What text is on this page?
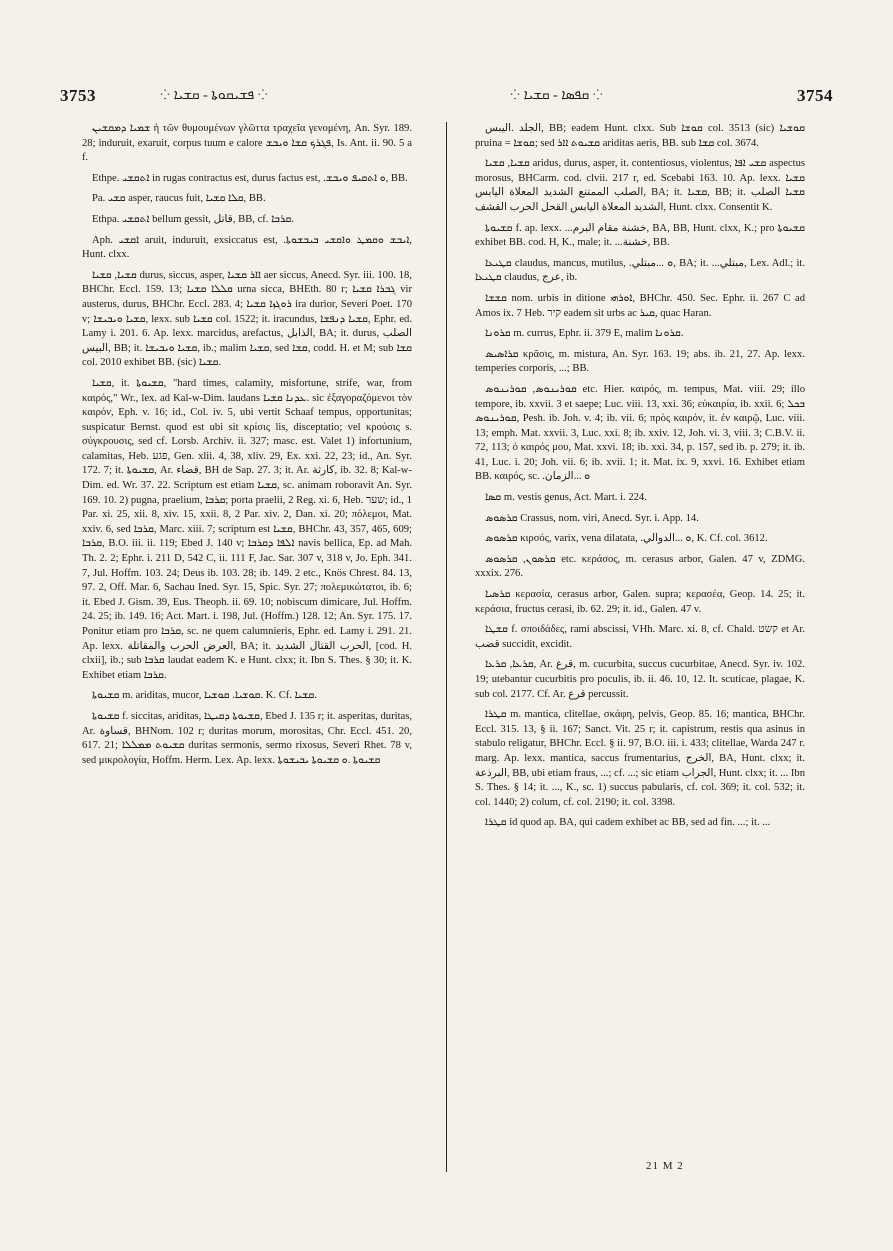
3753	⁘ ܦܫܝܩܘܬܐ - ܩܫܝܐ ⁘	⁘ ܩܦܣܐ - ܩܫܝܐ ⁘	3754

ܫܡܝܐ ܕܡܩܫܝܢ ἡ τῶν θυμουμένων γλῶττα τραχεῖα γενομένη, An. Syr. 189. 28; induruit, exaruit, corpus tuum e calore ܦܓܪܟ ܩܫܐ ܘܝܒܫ, Is. Ant. ii. 90. 5 a f.

Ethpe. ܐܬܩܫܝ in rugas contractus est, durus factus est, .ܘ ܐܬܩܝܦ ܘܝܒܫ, BB.

Pa. ܩܫܝ asper, raucus fuit, ܩܠܐ ܩܫܝܐ, BB.

Ethpa. ܐܬܩܫܝ bellum gessit, قاتل, BB, cf. ܩܪܒܐ.

Aph. ܐܩܫܝ aruit, induruit, exsiccatus est, .ܐܝܒܫ ܘܩܡܛ ܘܐܩܫܝ ܒܝܒܫܘܬܐ, Hunt. clxx.

ܩܫܝܐ, ܩܫܝܐ durus, siccus, asper, ܐܐܪ ܩܫܝܐ aer siccus, Anecd. Syr. iii. 100. 18, BHChr. Eccl. 159. 13; ܩܠܠܐ ܩܫܝܐ urna sicca, BHEth. 80 r; ܓܒܪܐ ܩܫܝܐ vir austerus, durus, BHChr. Eccl. 283. 4; ܪܘܓܙܐ ܩܫܝܐ ira durior, Severi Poet. 170 v; ܩܫܝܐ ܘܝܒܝܫܐ, lexx. sub ܩܫܝܐ col. 1522; it. iracundus, ܩܫܝܐ ܕܢܦܫܐ, Ephr. ed. Lamy i. 201. 6. Ap. lexx. marcidus, arefactus, الذابل, BA; it. durus, الصلب البيس, BB; it. ܩܫܝܐ ܘܝܒܝܫܐ, ib.; malim ܩܫܝܐ, sed ܩܫܐ, codd. H. et M; sub ܩܫܐ col. 2010 exhibet BB. (sic) ܩܫܝܐ.

ܩܫܝܐ, it. ܩܫܝܘܬܐ, "hard times, calamity, misfortune, strife, war, from καιρός," Wr., lex. ad Kal-w-Dim. laudans ܥܕܢܐ ܩܫܝܐ. sic ἐξαγοραζόμενοι τὸν καιρόν, Eph. v. 16; id., Col. iv. 5, ubi vertit Schaaf tempus, opportunitas; suspicatur Bernst. quod est ubi sit κρίσις lis, disceptatio; vel κρούσις s. σύγκρουσις, sed cf. Lorsb. Archiv. ii. 327; masc. est. Valet 1) infortunium, calamitas, Heb. פגע, Gen. xlii. 4, 38, xliv. 29, Ex. xxi. 22, 23; id., An. Syr. 172. 7; it. ܩܫܝܘܬܐ, Ar. قضاء, BH de Sap. 27. 3; it. Ar. كارثة, ib. 32. 8; Kal-w-Dim. ed. Wr. 37. 22. Scriptum est etiam ܩܫܝܐ, sc. animam roboravit An. Syr. 169. 10. 2) pugna, praelium, ܩܪܒܐ; porta praelii, 2 Reg. xi. 6, Heb. שער; id., 1 Par. xi. 25, xii. 8, xiv. 15, xxii. 8, 2 Par. xiv. 2, Dan. xi. 20; πόλεμοι, Mat. xxiv. 6, sed ܩܪܒܐ, Marc. xiii. 7; scriptum est ܩܫܝܐ, BHChr. 43, 357, 465, 609; ܩܪܒܐ, B.O. iii. ii. 119; Ebed J. 140 v; ܐܠܦܐ ܕܩܪܒܐ navis bellica, Ep. ad Mah. Th. 2. 2; Ephr. i. 211 D, 542 C, ii. 111 F, Jac. Sar. 307 v, 318 v, Jo. Eph. 341. 7, Jul. Hoffm. 103. 24; Deus ib. 103. 28; ib. 149. 2 etc., Knös Chrest. 84. 13, 97. 2, Off. Mar. 6, Sachau Ined. Syr. 15, Spic. Syr. 27; πολεμικώτατοι, ib. 6; it. Ebed J. Gism. 39, Eus. Theoph. ii. 69. 10; nobiscum dimicare, Jul. Hoffm. 24. 25; ib. 149. 16; Act. Mart. i. 198, Jul. (Hoffm.) 128. 12; An. Syr. 175. 17. Ponitur etiam pro ܩܪܒܐ, sc. ne quem calumnieris, Ephr. ed. Lamy i. 291. 21. Ap. lexx. العرض الحرب والمقاتلة, BA; it. الحرب القتال الشديد, [cod. H. clxii], ib.; sub ܩܪܒܐ laudat eadem K. e Hunt. clxx; it. Ibn S. Thes. § 30; it. K. Exhibet etiam ܩܪܒܐ.

ܩܫܝܘܬܐ m. ariditas, mucor, ܩܘܫܝܐ. ܩܘܫܝܐ. K. Cf. ܩܫܝܐ.

ܩܫܝܘܬܐ f. siccitas, ariditas, ܩܫܝܘܬܐ ܕܩܝܛܐ, Ebed J. 135 r; it. asperitas, duritas, Ar. قساوة, BHNom. 102 r; duritas morum, morositas, Chr. Eccl. 451. 20, 617. 21; ܩܫܝܘܬ ܡܡܠܠܐ duritas sermonis, sermo rixosus, Severi Rhet. 78 v, sed μικρολογία, Hoffm. Herm. Lex. Ap. lexx. ܩܫܝܘܬܐ .ܘ ܩܫܝܘܬܐ ܝܒܝܫܘܬܐ

الجلد .اليبس, BB; eadem Hunt. clxx. Sub ܩܘܫܐ col. 3513 (sic) ܩܘܫܝܐ pruina = ܩܘܫܐ; sed ܩܫܝܘܬ ܐܐܪ ariditas aeris, BB. sub ܩܫܐ col. 3674.

ܩܫܝܐ, ܩܫܝܐ aridus, durus, asper, it. contentiosus, violentus, ܩܫܝ ܐܦܐ aspectus morosus, BHCarm. cod. clvii. 217 r, ed. Scebabi 163. 10. Ap. lexx. ܩܫܝܐ الصلب الممتنع الشديد المعلاة اليابس, BA; it. ܩܫܝܐ, BB; it. ܩܫܝܐ الصلب الشديد المعلاة اليابس القحل الحرب القشف, Hunt. clxx. Consentit K.

ܩܫܝܘܬܐ f. ap. lexx. ...خشنة مقام البرم, BA, BB, Hunt. clxx, K.; pro ܩܫܝܘܬܐ exhibet BB. cod. H, K., male; it. ...خشنة, BB.

ܩܛܝܥܐ claudus, mancus, mutilus, .ܘ ...مبتلي, BA; it. ...مبتلي, Lex. Adl.; it. ܩܛܝܥܐ claudus, عرج, ib.

ܩܫܫܐ nom. urbis in ditione ܐܘܪܗܝ, BHChr. 450. Sec. Ephr. ii. 267 C ad Amos ix. 7 Heb. קיר eadem sit urbs ac ܩܝܪ, quac Haran.

ܩܪܘܢܐ m. currus, Ephr. ii. 379 E, malim ܩܪܘܢܐ.

ܩܪܐܣܝܣ κρᾶσις, m. mistura, An. Syr. 163. 19; abs. ib. 21, 27. Ap. lexx. temperies corporis, ...; BB.

ܩܘܪܝܢܘܣ, ܩܘܪܝܢܘܣ etc. Hier. καιρός, m. tempus, Mat. viii. 29; illo tempore, ib. xxvii. 3 et saepe; Luc. viii. 13, xxi. 36; εὐκαιρία, ib. xxii. 6; ܒܟܠ ܩܘܪܝܢܘܣ, Pesh. ib. Joh. v. 4; ib. vii. 6; πρὸς καιρόν, it. ἐν καιρῷ, Luc. viii. 13; emph. Mat. xxvii. 3, Luc. xxi. 8; ib. xxiv. 12, Joh. vi. 3, viii. 3; C.B.V. ii. 72, 113; ὁ καιρός μου, Mat. xxvi. 18; ib. xxi. 34, p. 157, sed ib. p. 279; it. ib. 41, Luc. i. 20; Joh. vii. 6; ib. xvii. 1; it. Mat. ix. 9, xxvi. 16. Exhibet etiam BB. καιρός, sc. .ܘ ...الزمان

ܩܣܐ m. vestis genus, Act. Mart. i. 224.

ܩܪܣܘܣ Crassus, nom. viri, Anecd. Syr. i. App. 14.

ܩܪܣܘܣ κιρσός, varix, vena dilatata, .ܘ ...الدوالي, K. Cf. col. 3612.

ܩܪܣܘܢ, ܩܪܣܘܣ etc. κεράσος, m. cerasus arbor, Galen. 47 v, ZDMG. xxxix. 276.

ܩܪܣܝܐ κερασία, cerasus arbor, Galen. supra; κερασέα, Geop. 14. 25; it. κεράσια, fructus cerasi, ib. 62. 29; it. id., Galen. 47 v.

ܩܫܛܐ f. σποιδάδες, rami abscissi, VHh. Marc. xi. 8, cf. Chald. קשט et Ar. قضب succidit, excidit.

ܩܪܥܐ, ܩܪܥܐ, Ar. قرع, m. cucurbita, succus cucurbitae, Anecd. Syr. iv. 102. 19; utebantur cucurbitis pro poculis, ib. ii. 46. 10, 12. It. scuticae, plagae, K. sub col. 2177. Cf. Ar. قرع percussit.

ܩܛܪܐ m. mantica, clitellae, σκάφη, pelvis, Geop. 85. 16; mantica, BHChr. Eccl. 315. 13, § ii. 167; Sanct. Vit. 25 r; it. capistrum, restis qua asinus in stabulo religatur, BHChr. Eccl. § ii. 97, B.O. iii. i. 433; clitellae, Warda 247 r. marg. Ap. lexx. mantica, saccus frumentarius, الخرج, BA, Hunt. clxx; it. البرذعة, BB, ubi etiam fraus, ...; cf. ...; sic etiam الجراب, Hunt. clxx; it. ... Ibn S. Thes. § 14; it. ..., K., sc. 1) succus pabularis, cf. col. 369; it. col. 532; it. col. 1440; 2) colum, cf. col. 2190; it. col. 3398.

ܩܛܪܐ id quod ap. BA, qui cadem exhibet ac BB, sed ad fin. ...; it. ...

21 M 2
